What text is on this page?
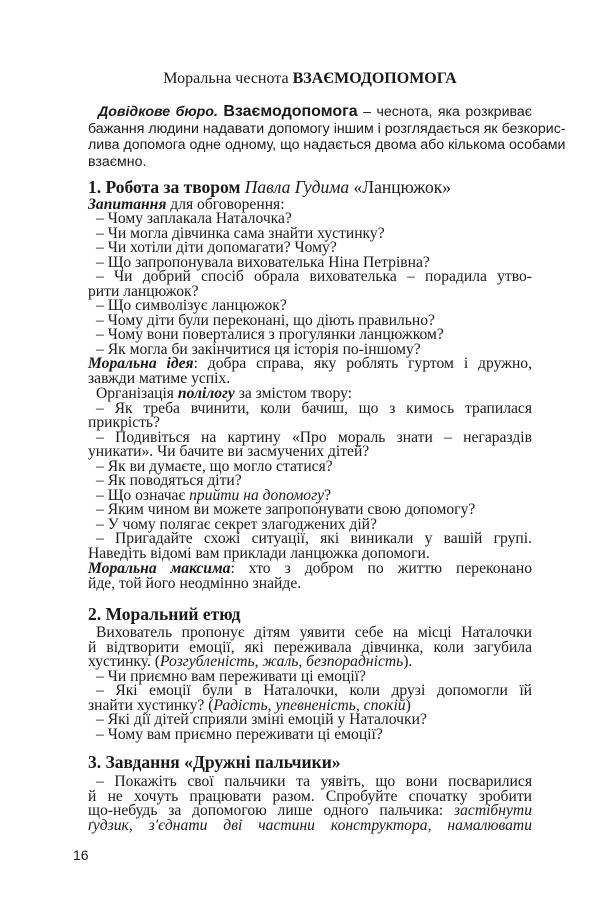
Моральна чеснота ВЗАЄМОДОПОМОГА

Довідкове бюро. Взаємодопомога – чеснота, яка розкриває

бажання людини надавати допомогу іншим і розглядається як безкорис-

лива допомога одне одному, що надається двома або кількома особами

взаємно.

1. Робота за твором Павла Гудима «Ланцюжок»

Запитання для обговорення:

– Чому заплакала Наталочка?

– Чи могла дівчинка сама знайти хустинку?

– Чи хотіли діти допомагати? Чому?

– Що запропонувала вихователька Ніна Петрівна?

– Чи добрий спосіб обрала вихователька – порадила утво-

рити ланцюжок?

– Що символізує ланцюжок?

– Чому діти були переконані, що діють правильно?

– Чому вони поверталися з прогулянки ланцюжком?

– Як могла би закінчитися ця історія по-іншому?

Моральна ідея: добра справа, яку роблять гуртом і дружно,

завжди матиме успіх.

Організація полілогу за змістом твору:

– Як треба вчинити, коли бачиш, що з кимось трапилася

прикрість?

– Подивіться на картину «Про мораль знати – негараздів

уникати». Чи бачите ви засмучених дітей?

– Як ви думаєте, що могло статися?

– Як поводяться діти?

– Що означає прийти на допомогу?

– Яким чином ви можете запропонувати свою допомогу?

– У чому полягає секрет злагоджених дій?

– Пригадайте схожі ситуації, які виникали у вашій групі.

Наведіть відомі вам приклади ланцюжка допомоги.

Моральна максима: хто з добром по життю переконано

йде, той його неодмінно знайде.

2. Моральний етюд

Вихователь пропонує дітям уявити себе на місці Наталочки

й відтворити емоції, які переживала дівчинка, коли загубила

хустинку. (Розгубленість, жаль, безпорадність).

– Чи приємно вам переживати ці емоції?

– Які емоції були в Наталочки, коли друзі допомогли їй

знайти хустинку? (Радість, упевненість, спокій)

– Які дії дітей сприяли зміні емоцій у Наталочки?

– Чому вам приємно переживати ці емоції?

3. Завдання «Дружні пальчики»

– Покажіть свої пальчики та уявіть, що вони посварилися

й не хочуть працювати разом. Спробуйте спочатку зробити

що-небудь за допомогою лише одного пальчика: застібнути

ґудзик, з'єднати дві частини конструктора, намалювати

16
